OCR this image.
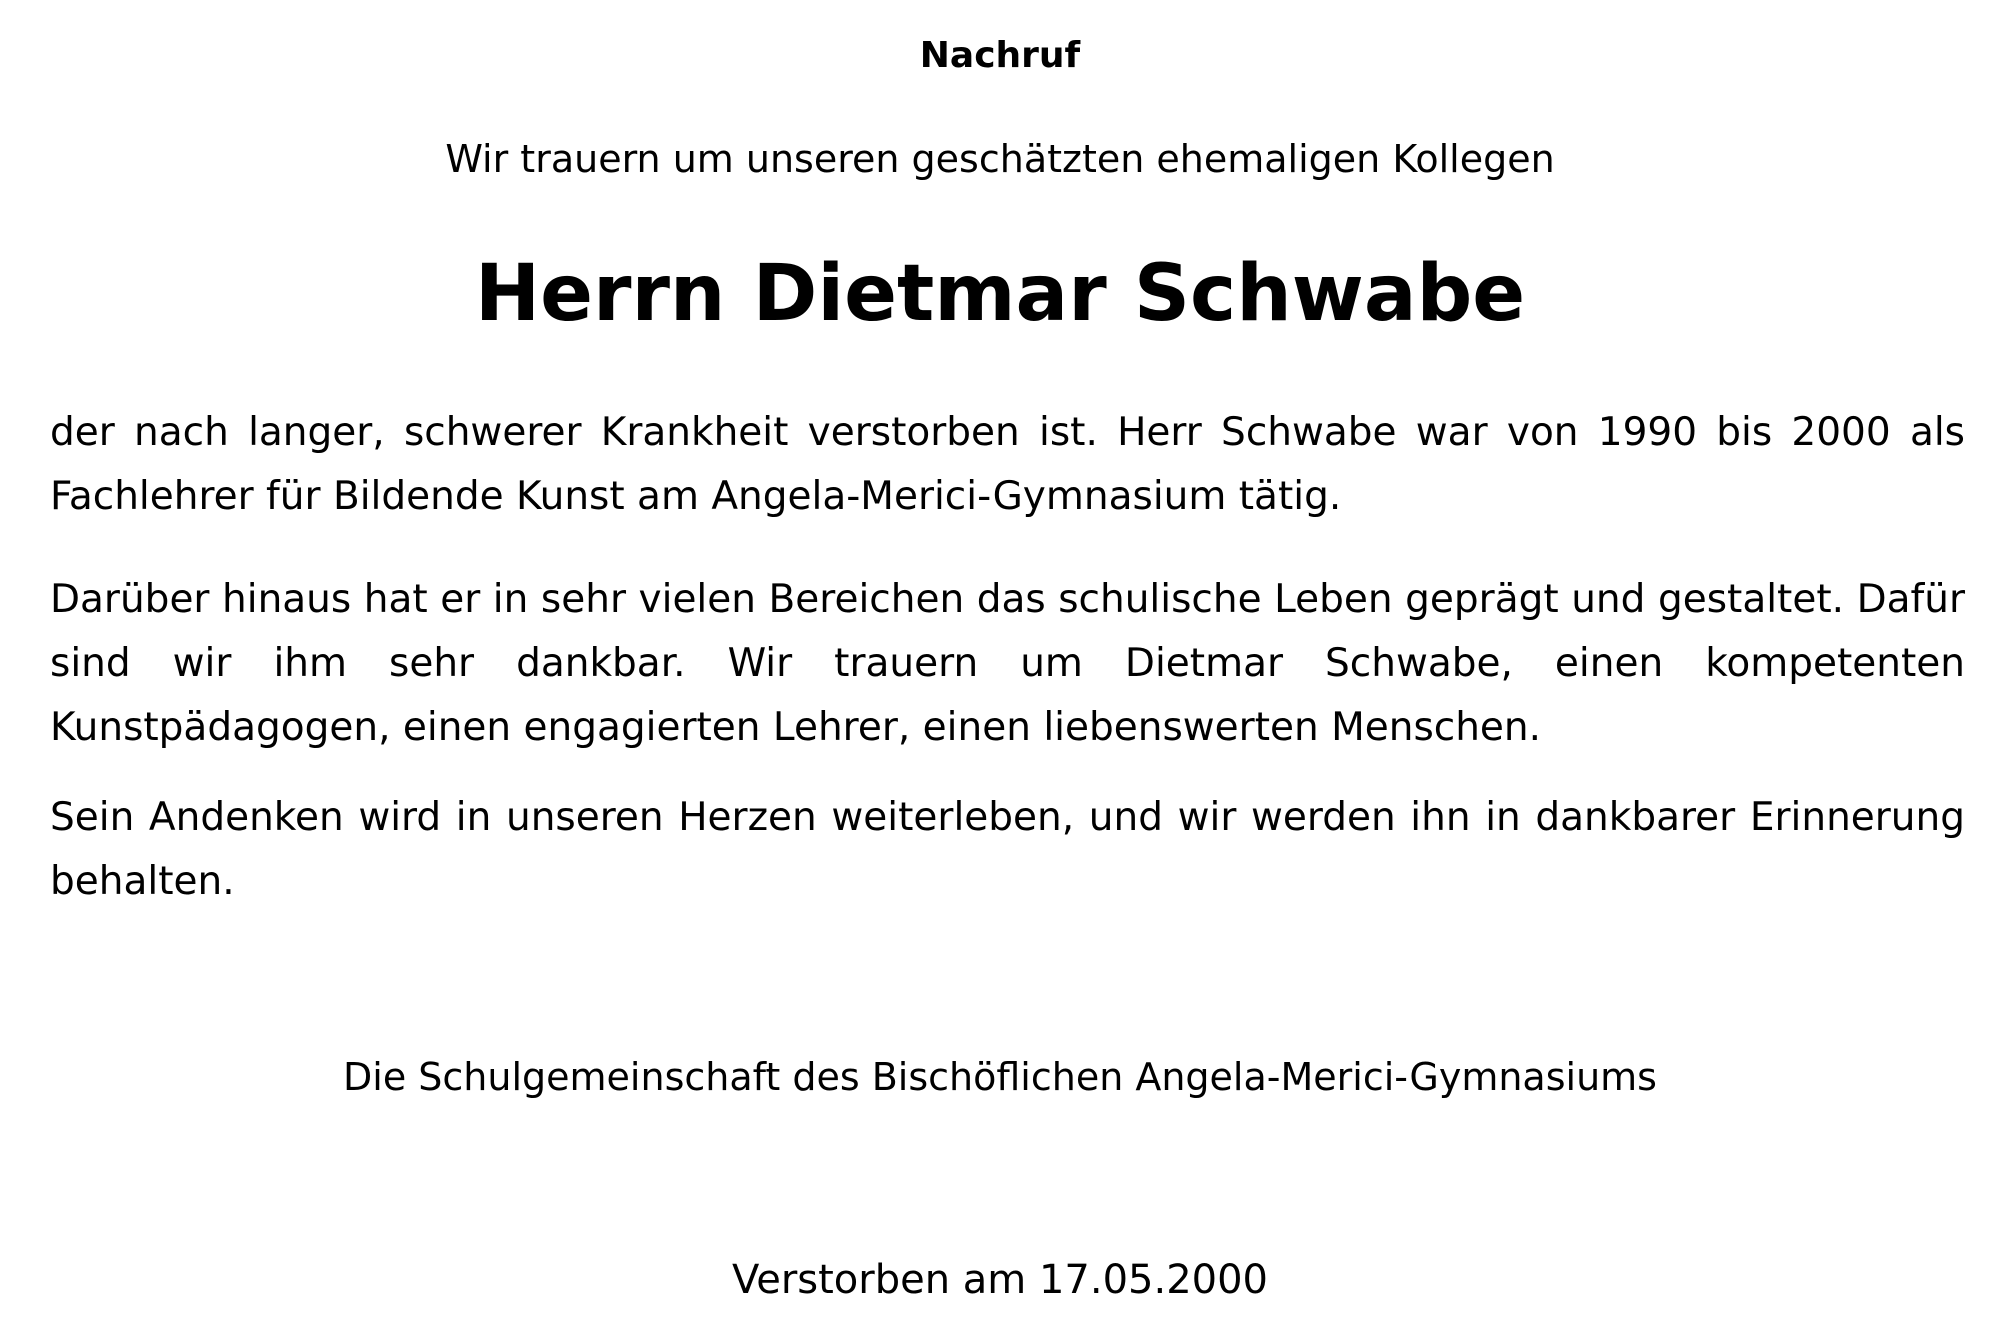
Nachruf
Wir trauern um unseren geschätzten ehemaligen Kollegen
Herrn Dietmar Schwabe
der nach langer, schwerer Krankheit verstorben ist. Herr Schwabe war von 1990 bis 2000 als Fachlehrer für Bildende Kunst am Angela-Merici-Gymnasium tätig.
Darüber hinaus hat er in sehr vielen Bereichen das schulische Leben geprägt und gestaltet. Dafür sind wir ihm sehr dankbar. Wir trauern um Dietmar Schwabe, einen kompetenten Kunstpädagogen, einen engagierten Lehrer, einen liebenswerten Menschen.
Sein Andenken wird in unseren Herzen weiterleben, und wir werden ihn in dankbarer Erinnerung behalten.
Die Schulgemeinschaft des Bischöflichen Angela-Merici-Gymnasiums
Verstorben am 17.05.2000
